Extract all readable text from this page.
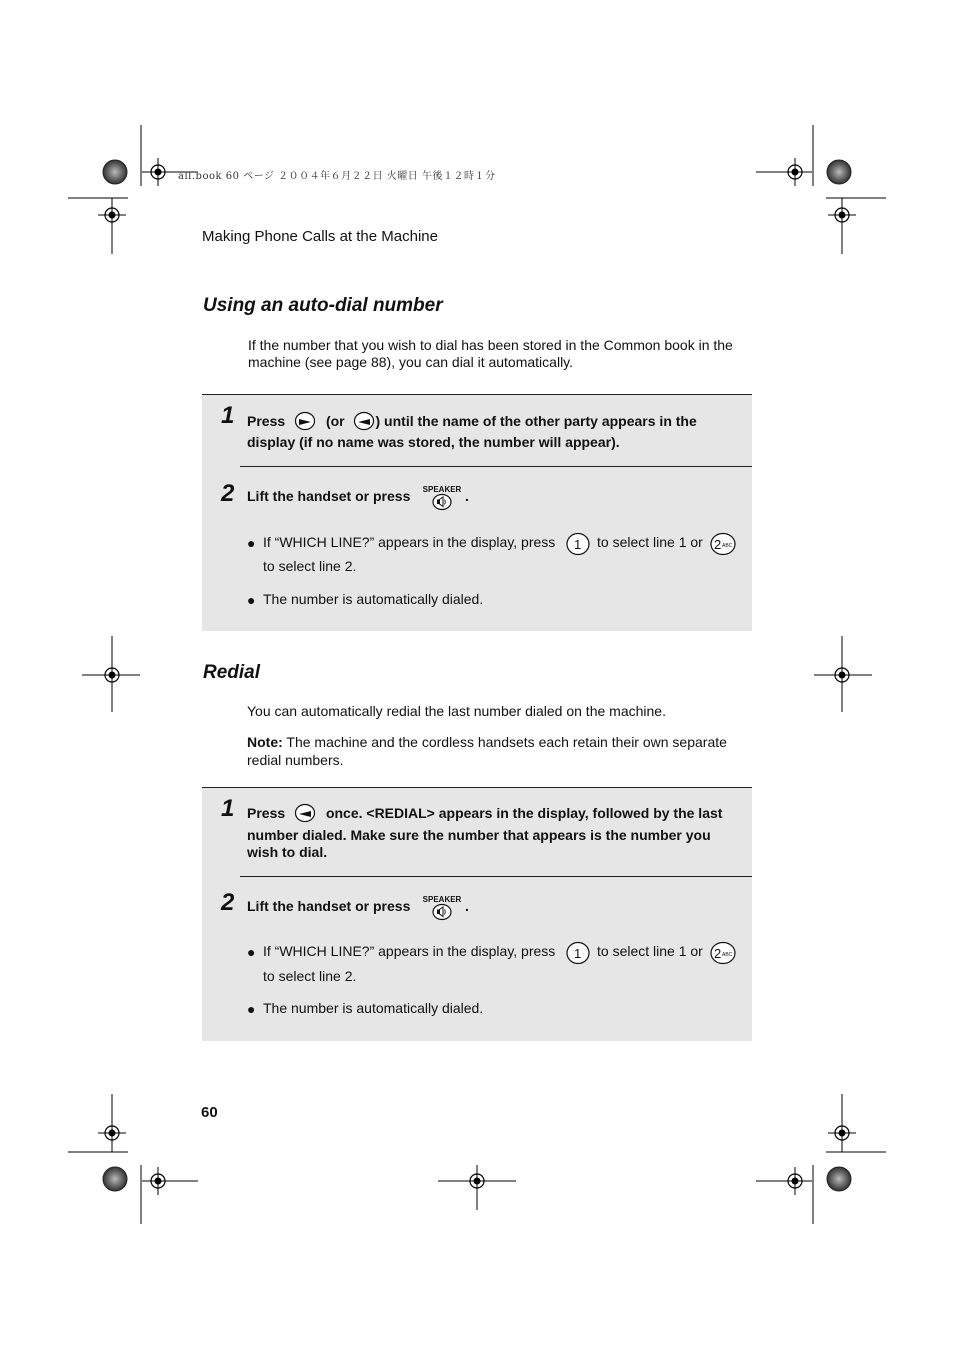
all.book 60 ページ ２００４年６月２２日 火曜日 午後１２時１分
Making Phone Calls at the Machine
Using an auto-dial number
If the number that you wish to dial has been stored in the Common book in the
machine (see page 88), you can dial it automatically.
1 Press	(or ) until the name of the other party appears in the
display (if no name was stored, the number will appear).
2 Lift the handset or press SPEAKER .
● If “WHICH LINE?” appears in the display, press 1 to select line 1 or 2 ABC
to select line 2.
● The number is automatically dialed.
Redial
You can automatically redial the last number dialed on the machine.
Note: The machine and the cordless handsets each retain their own separate
redial numbers.
1 Press	once. <REDIAL> appears in the display, followed by the last
number dialed. Make sure the number that appears is the number you
wish to dial.
2 Lift the handset or press SPEAKER .
● If “WHICH LINE?” appears in the display, press 1 to select line 1 or 2 ABC
to select line 2.
● The number is automatically dialed.
60
